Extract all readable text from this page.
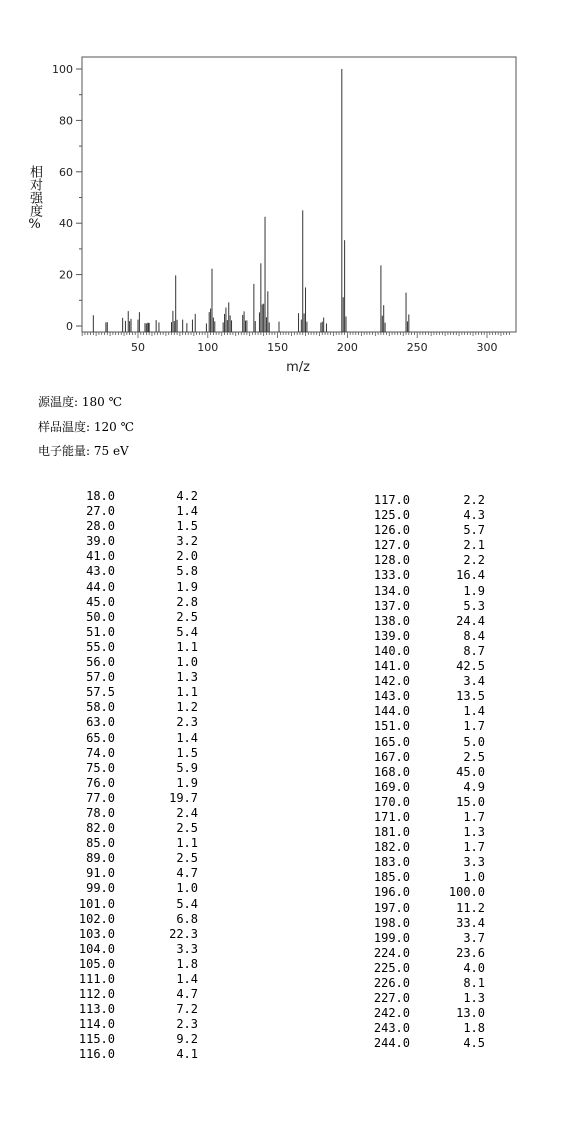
0
20
40
60
80
100
50	100	150	200	250	300
m/z
相对强度%
源温度: 180 ℃
样品温度: 120 ℃
电子能量: 75 eV
18.0	4.2
27.0	1.4
28.0	1.5
39.0	3.2
41.0	2.0
43.0	5.8
44.0	1.9
45.0	2.8
50.0	2.5
51.0	5.4
55.0	1.1
56.0	1.0
57.0	1.3
57.5	1.1
58.0	1.2
63.0	2.3
65.0	1.4
74.0	1.5
75.0	5.9
76.0	1.9
77.0	19.7
78.0	2.4
82.0	2.5
85.0	1.1
89.0	2.5
91.0	4.7
99.0	1.0
101.0	5.4
102.0	6.8
103.0	22.3
104.0	3.3
105.0	1.8
111.0	1.4
112.0	4.7
113.0	7.2
114.0	2.3
115.0	9.2
116.0	4.1
117.0	2.2
125.0	4.3
126.0	5.7
127.0	2.1
128.0	2.2
133.0	16.4
134.0	1.9
137.0	5.3
138.0	24.4
139.0	8.4
140.0	8.7
141.0	42.5
142.0	3.4
143.0	13.5
144.0	1.4
151.0	1.7
165.0	5.0
167.0	2.5
168.0	45.0
169.0	4.9
170.0	15.0
171.0	1.7
181.0	1.3
182.0	1.7
183.0	3.3
185.0	1.0
196.0	100.0
197.0	11.2
198.0	33.4
199.0	3.7
224.0	23.6
225.0	4.0
226.0	8.1
227.0	1.3
242.0	13.0
243.0	1.8
244.0	4.5
